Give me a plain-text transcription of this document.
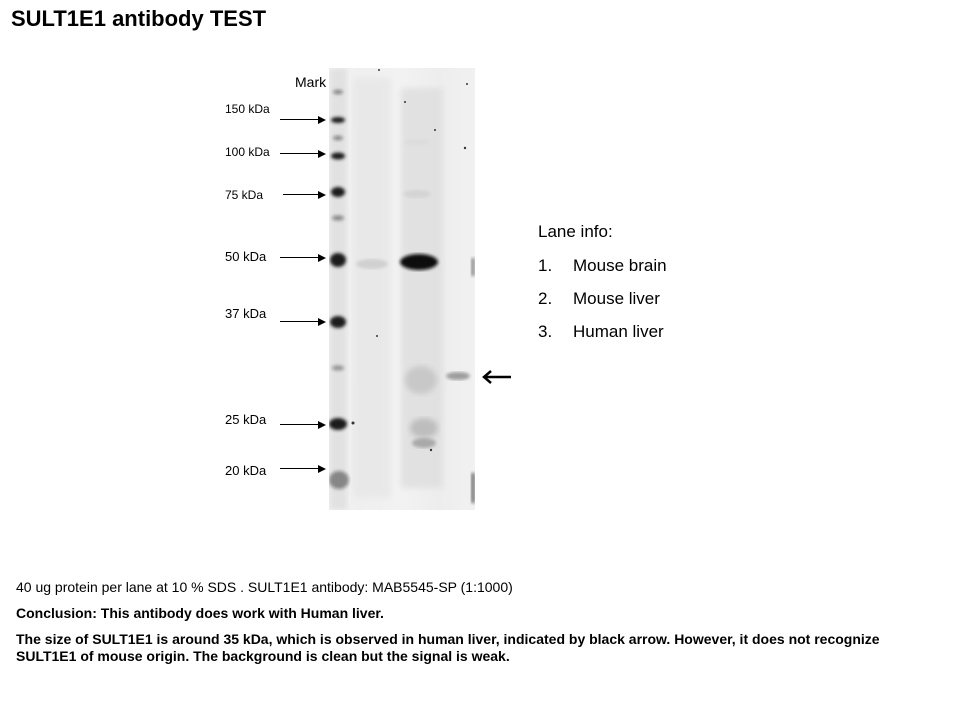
SULT1E1 antibody TEST
Mark
150 kDa
100 kDa
75 kDa
50 kDa
37 kDa
25 kDa
20 kDa
Lane info:
1.	Mouse brain
2.	Mouse liver
3.	Human liver

40 ug protein per lane at 10 % SDS . SULT1E1 antibody: MAB5545-SP (1:1000)

Conclusion: This antibody does work with Human liver.

The size of SULT1E1 is around 35 kDa, which is observed in human liver, indicated by black arrow. However, it does not recognize SULT1E1 of mouse origin. The background is clean but the signal is weak.
